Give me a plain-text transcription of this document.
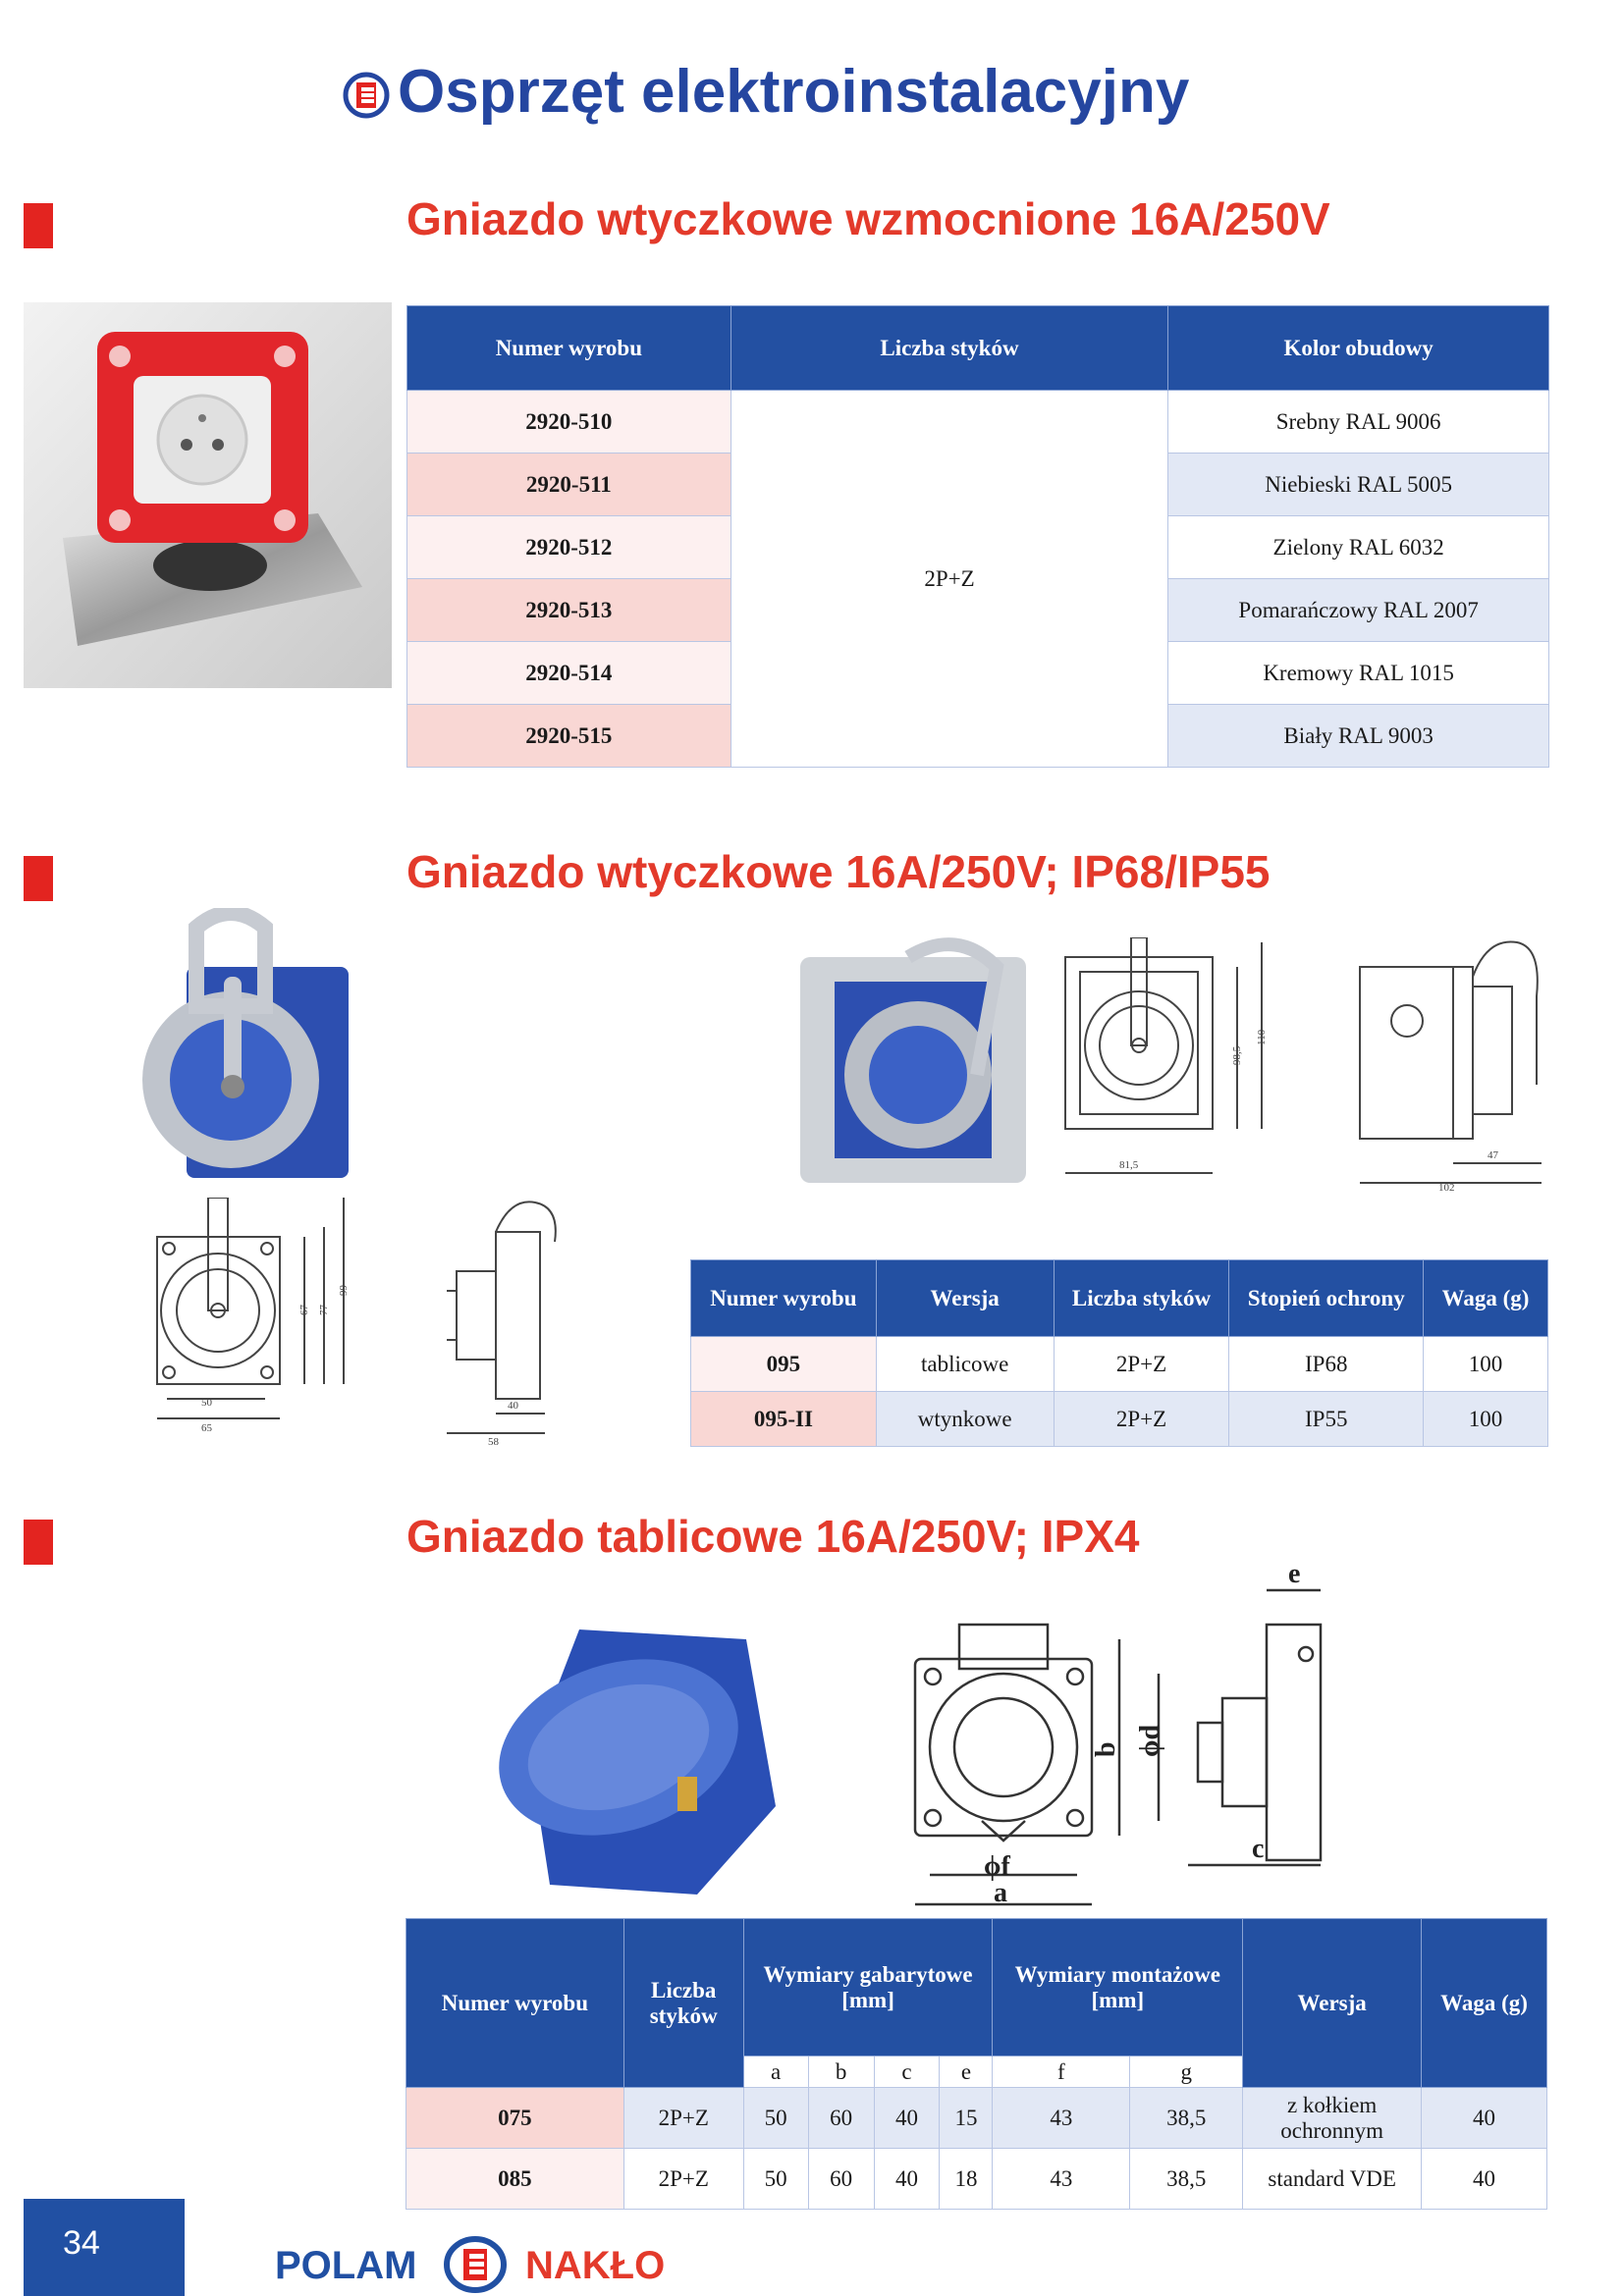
Osprzęt elektroinstalacyjny
Gniazdo wtyczkowe wzmocnione 16A/250V
Numer wyrobu	Liczba styków	Kolor obudowy
2920-510	2P+Z	Srebny RAL 9006
2920-511		Niebieski RAL 5005
2920-512		Zielony RAL 6032
2920-513		Pomarańczowy RAL 2007
2920-514		Kremowy RAL 1015
2920-515		Biały RAL 9003
Gniazdo wtyczkowe 16A/250V; IP68/IP55
50
65
67 77
99
40
58
81,5
98,5
110
47
102
Numer wyrobu	Wersja	Liczba styków	Stopień ochrony	Waga (g)
095	tablicowe	2P+Z	IP68	100
095-II	wtynkowe	2P+Z	IP55	100
Gniazdo tablicowe 16A/250V; IPX4
b ϕd
ϕf
a
e
c
Numer wyrobu	Liczba styków	Wymiary gabarytowe [mm]				Wymiary montażowe [mm]		Wersja	Waga (g)
		a	b	c	e	f	g		
075	2P+Z	50	60	40	15	43	38,5	z kołkiem ochronnym	40
085	2P+Z	50	60	40	18	43	38,5	standard VDE	40
34
POLAM	NAKŁO
